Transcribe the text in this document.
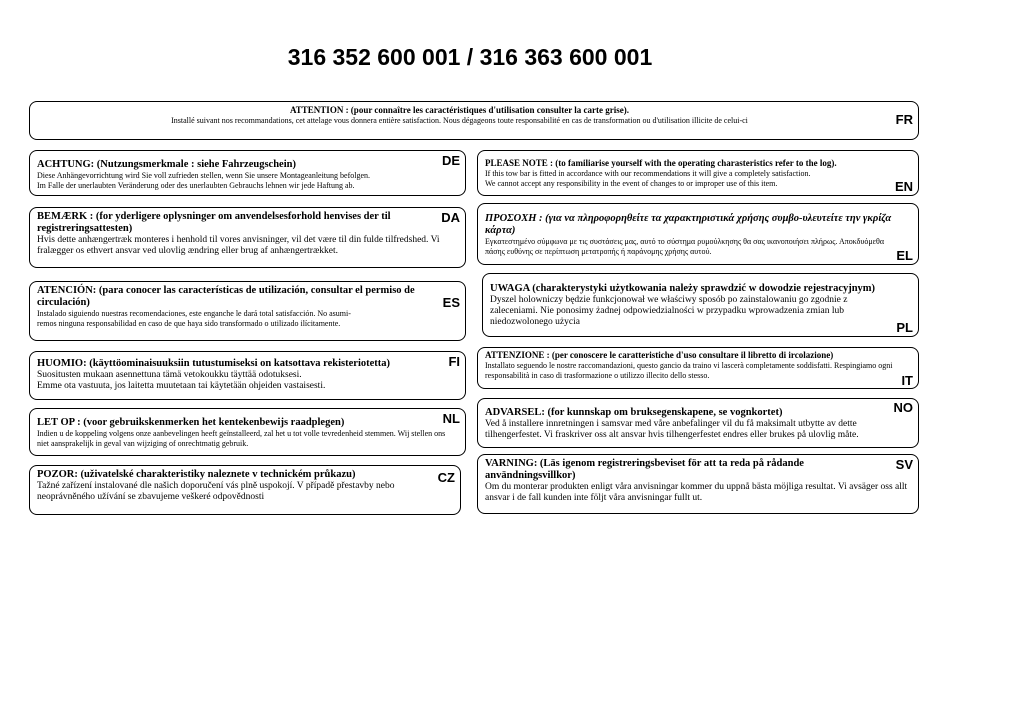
316 352 600 001 / 316 363 600 001
ATTENTION : (pour connaître les caractéristiques d'utilisation consulter la carte grise).
Installé suivant nos recommandations, cet attelage vous donnera entière satisfaction. Nous dégageons toute responsabilité en cas de transformation ou d'utilisation illicite de celui-ci	FR
DE
ACHTUNG: (Nutzungsmerkmale : siehe Fahrzeugschein)
Diese Anhängevorrichtung wird Sie voll zufrieden stellen, wenn Sie unsere Montageanleitung befolgen.
Im Falle der unerlaubten Veränderung oder des unerlaubten Gebrauchs lehnen wir jede Haftung ab.
PLEASE NOTE : (to familiarise yourself with the operating charasteristics refer to the log).
If this tow bar is fitted in accordance with our recommendations it will give a completely satisfaction.
We cannot accept any responsibility in the event of changes to or improper use of this item.	EN
DA
BEMÆRK : (for yderligere oplysninger om anvendelsesforhold henvises der til registreringsattesten)
Hvis dette anhængertræk monteres i henhold til vores anvisninger, vil det være til din fulde tilfredshed. Vi fralægger os ethvert ansvar ved ulovlig ændring eller brug af anhængertrækket.
ΠΡΟΣΟΧΗ : (για να πληροφορηθείτε τα χαρακτηριστικά χρήσης συμβο-υλευτείτε την γκρίζα κάρτα)
Εγκατεστημένο σύμφωνα με τις συστάσεις μας, αυτό το σύστημα ρυμούλκησης θα σας ικανοποιήσει πλήρως. Αποκδυόμεθα πάσης ευθύνης σε περίπτωση μετατροπής ή παράνομης χρήσης αυτού.	EL
ATENCIÓN: (para conocer las características de utilización, consultar el permiso de circulación)
Instalado siguiendo nuestras recomendaciones, este enganche le dará total satisfacción. No asumi-
remos ninguna responsabilidad en caso de que haya sido transformado o utilizado ilícitamente.
ES
UWAGA (charakterystyki użytkowania należy sprawdzić w dowodzie rejestracyjnym)
Dyszel holowniczy będzie funkcjonował we właściwy sposób po zainstalowaniu go zgodnie z zaleceniami. Nie ponosimy żadnej odpowiedzialności w przypadku wprowadzenia zmian lub niedozwolonego użycia	PL
FI
HUOMIO: (käyttöominaisuuksiin tutustumiseksi on katsottava rekisteriotetta)
Suositusten mukaan asennettuna tämä vetokoukku täyttää odotuksesi.
Emme ota vastuuta, jos laitetta muutetaan tai käytetään ohjeiden vastaisesti.
ATTENZIONE : (per conoscere le caratteristiche d'uso consultare il libretto di ircolazione)
Installato seguendo le nostre raccomandazioni, questo gancio da traino vi lascerà completamente soddisfatti. Respingiamo ogni responsabilità in caso di trasformazione o utilizzo illecito dello stesso.	IT
NL
LET OP : (voor gebruikskenmerken het kentekenbewijs raadplegen)
Indien u de koppeling volgens onze aanbevelingen heeft geïnstalleerd, zal het u tot volle tevredenheid stemmen. Wij stellen ons niet aansprakelijk in geval van wijziging of onrechtmatig gebruik.
NO
ADVARSEL: (for kunnskap om bruksegenskapene, se vognkortet)
Ved å installere innretningen i samsvar med våre anbefalinger vil du få maksimalt utbytte av dette tilhengerfestet. Vi fraskriver oss alt ansvar hvis tilhengerfestet endres eller brukes på ulovlig måte.
CZ
POZOR: (uživatelské charakteristiky naleznete v technickém průkazu)
Tažné zařízení instalované dle našich doporučení vás plně uspokojí. V případě přestavby nebo neoprávněného užívání se zbavujeme veškeré odpovědnosti
SV
VARNING: (Läs igenom registreringsbeviset för att ta reda på rådande användningsvillkor)
Om du monterar produkten enligt våra anvisningar kommer du uppnå bästa möjliga resultat. Vi avsäger oss allt ansvar i de fall kunden inte följt våra anvisningar fullt ut.
